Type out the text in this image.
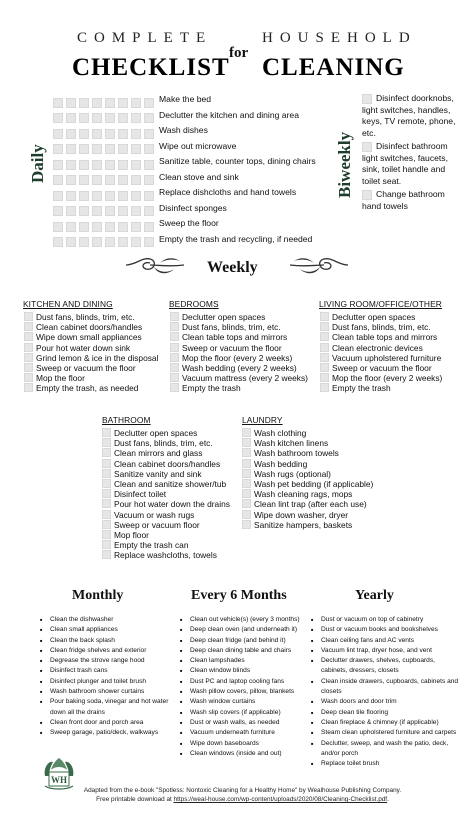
COMPLETE	HOUSEHOLD
CHECKLIST
for
CLEANING
Daily
Make the bed
Declutter the kitchen and dining area
Wash dishes
Wipe out microwave
Sanitize table, counter tops, dining chairs
Clean stove and sink
Replace dishcloths and hand towels
Disinfect sponges
Sweep the floor
Empty the trash and recycling, if needed
Biweekly
Disinfect doorknobs, light switches, handles, keys, TV remote, phone, etc.
Disinfect bathroom light switches, faucets, sink, toilet handle and toilet seat.
Change bathroom hand towels
Weekly
KITCHEN AND DINING
Dust fans, blinds, trim, etc.
Clean cabinet doors/handles
Wipe down small appliances
Pour hot water down sink
Grind lemon & ice in the disposal
Sweep or vacuum the floor
Mop the floor
Empty the trash, as needed
BEDROOMS
Declutter open spaces
Dust fans, blinds, trim, etc.
Clean table tops and mirrors
Sweep or vacuum the floor
Mop the floor (every 2 weeks)
Wash bedding (every 2 weeks)
Vacuum mattress (every 2 weeks)
Empty the trash
LIVING ROOM/OFFICE/OTHER
Declutter open spaces
Dust fans, blinds, trim, etc.
Clean table tops and mirrors
Clean electronic devices
Vacuum upholstered furniture
Sweep or vacuum the floor
Mop the floor (every 2 weeks)
Empty the trash
BATHROOM
Declutter open spaces
Dust fans, blinds, trim, etc.
Clean mirrors and glass
Clean cabinet doors/handles
Sanitize vanity and sink
Clean and sanitize shower/tub
Disinfect toilet
Pour hot water down the drains
Vacuum or wash rugs
Sweep or vacuum floor
Mop floor
Empty the trash can
Replace washcloths, towels
LAUNDRY
Wash clothing
Wash kitchen linens
Wash bathroom towels
Wash bedding
Wash rugs (optional)
Wash pet bedding (if applicable)
Wash cleaning rags, mops
Clean lint trap (after each use)
Wipe down washer, dryer
Sanitize hampers, baskets
Monthly
■ Clean the dishwasher
■ Clean small appliances
■ Clean the back splash
■ Clean fridge shelves and exterior
■ Degrease the strove range hood
■ Disinfect trash cans
■ Disinfect plunger and toilet brush
■ Wash bathroom shower curtains
■ Pour baking soda, vinegar and hot water down all the drains
■ Clean front door and porch area
■ Sweep garage, patio/deck, walkways
Every 6 Months
■ Clean out vehicle(s) (every 3 months)
■ Deep clean oven (and underneath it)
■ Deep clean fridge (and behind it)
■ Deep clean dining table and chairs
■ Clean lampshades
■ Clean window blinds
■ Dust PC and laptop cooling fans
■ Wash pillow covers, pillow, blankets
■ Wash window curtains
■ Wash slip covers (if applicable)
■ Dust or wash walls, as needed
■ Vacuum underneath furniture
■ Wipe down baseboards
■ Clean windows (inside and out)
Yearly
■ Dust or vacuum on top of cabinetry
■ Dust or vacuum books and bookshelves
■ Clean ceiling fans and AC vents
■ Vacuum lint trap, dryer hose, and vent
■ Declutter drawers, shelves, cupboards, cabinets, dressers, closets
■ Clean inside drawers, cupboards, cabinets and closets
■ Wash doors and door trim
■ Deep clean tile flooring
■ Clean fireplace & chimney (if applicable)
■ Steam clean upholstered furniture and carpets
■ Declutter, sweep, and wash the patio, deck, and/or porch
■ Replace toilet brush
WH
Adapted from the e-book "Spotless: Nontoxic Cleaning for a Healthy Home" by Wealhouse Publishing Company.
Free printable download at https://weal-house.com/wp-content/uploads/2020/08/Cleaning-Checklist.pdf.
